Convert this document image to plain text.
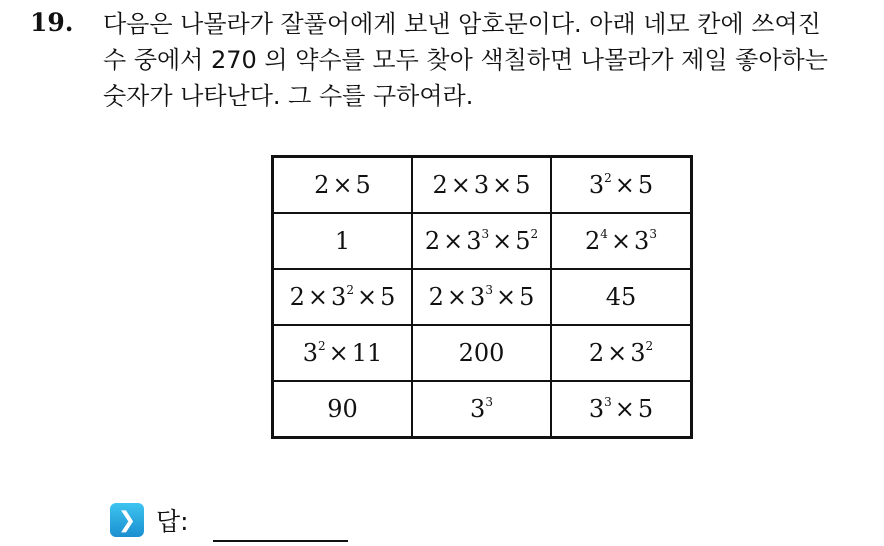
19. 다음은 나몰라가 잘풀어에게 보낸 암호문이다. 아래 네모 칸에 쓰여진
수 중에서 270 의 약수를 모두 찾아 색칠하면 나몰라가 제일 좋아하는
숫자가 나타난다. 그 수를 구하여라.

2 × 5	2 × 3 × 5	$3^2 \times 5$
1	$2 \times 3^3 \times 5^2$	$2^4 \times 3^3$
$2 \times 3^2 \times 5$	$2 \times 3^3 \times 5$	45
$3^2 \times 11$	200	$2 \times 3^2$
90	$3^3$	$3^3 \times 5$
❯ 답:
